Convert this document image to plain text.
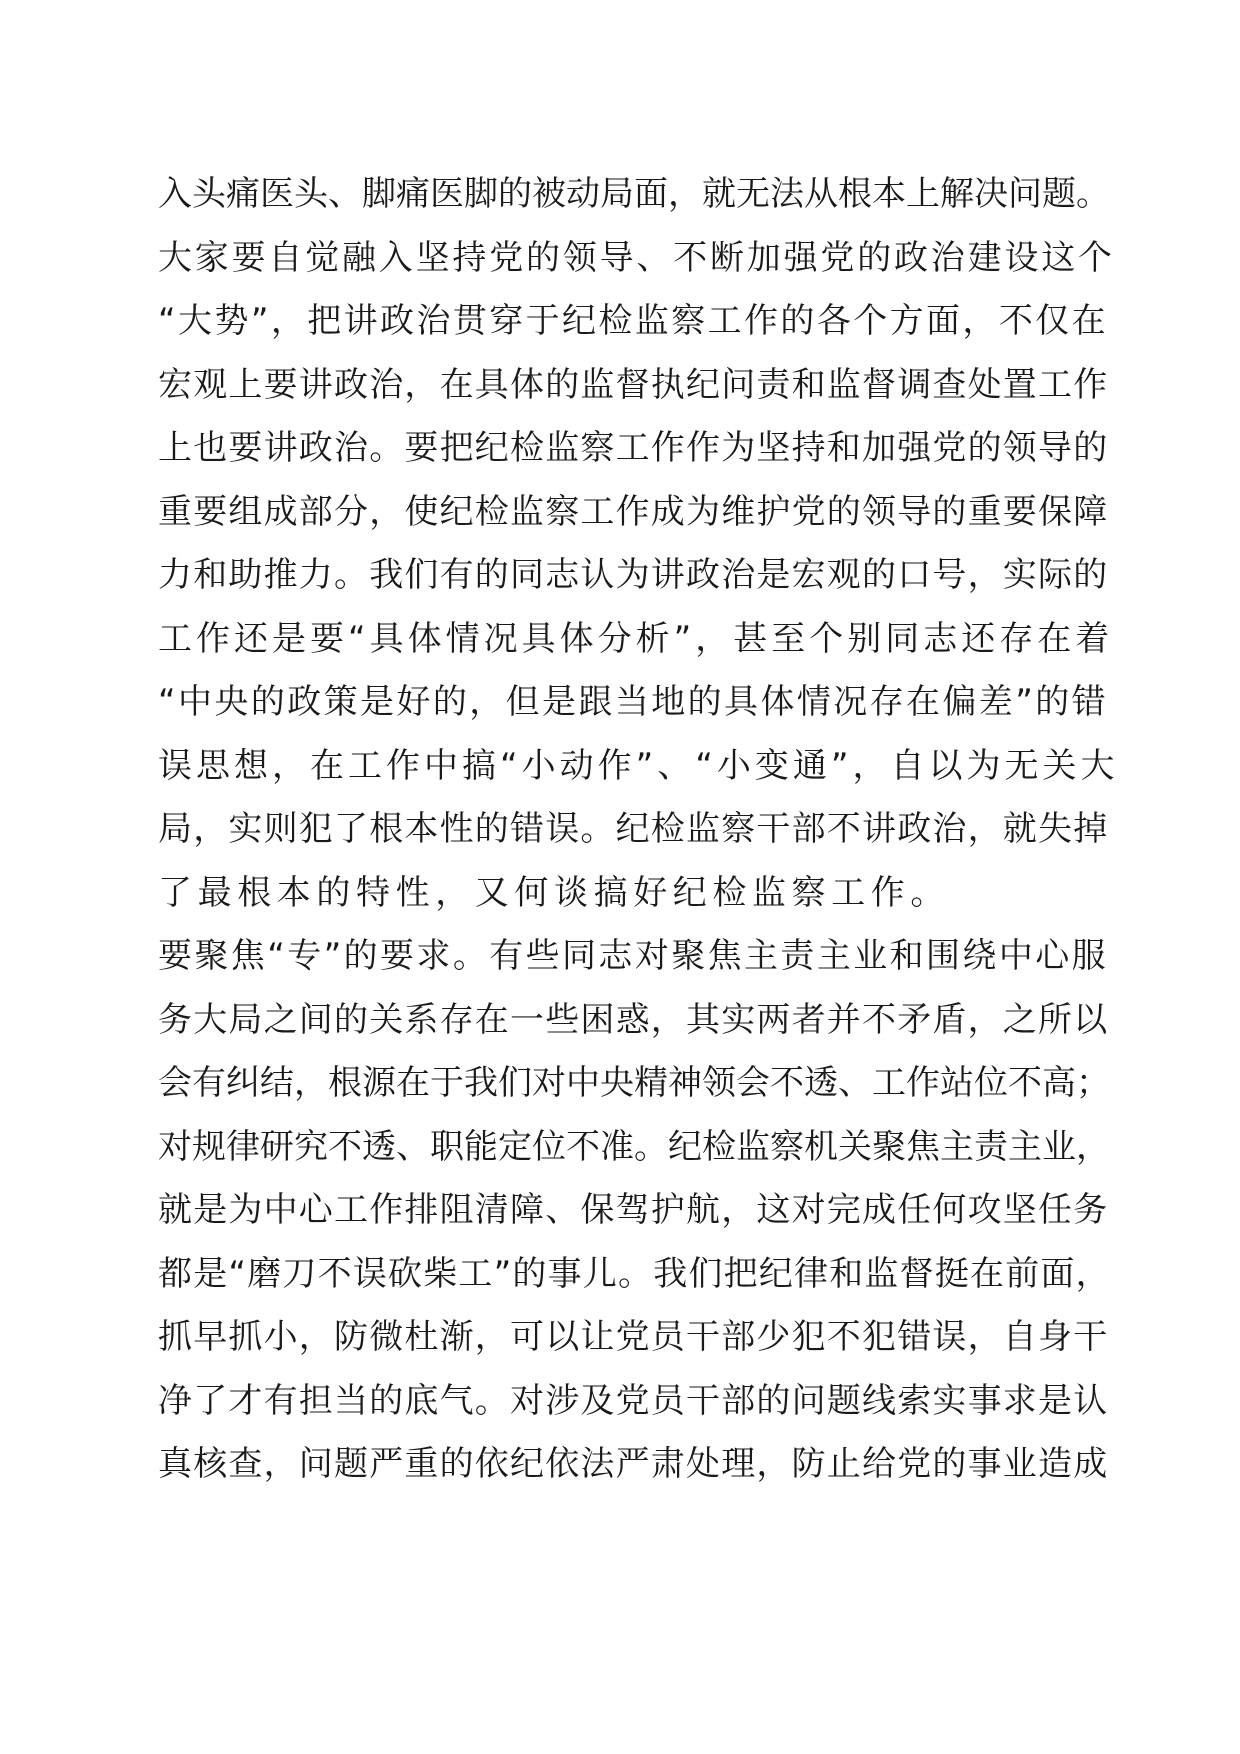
入头痛医头、脚痛医脚的被动局面，就无法从根本上解决问题。
大家要自觉融入坚持党的领导、不断加强党的政治建设这个
“大势”，把讲政治贯穿于纪检监察工作的各个方面，不仅在
宏观上要讲政治，在具体的监督执纪问责和监督调查处置工作
上也要讲政治。要把纪检监察工作作为坚持和加强党的领导的
重要组成部分，使纪检监察工作成为维护党的领导的重要保障
力和助推力。我们有的同志认为讲政治是宏观的口号，实际的
工作还是要“具体情况具体分析”，甚至个别同志还存在着
“中央的政策是好的，但是跟当地的具体情况存在偏差”的错
误思想，在工作中搞“小动作”、“小变通”，自以为无关大
局，实则犯了根本性的错误。纪检监察干部不讲政治，就失掉
了最根本的特性，又何谈搞好纪检监察工作。
要聚焦“专”的要求。有些同志对聚焦主责主业和围绕中心服
务大局之间的关系存在一些困惑，其实两者并不矛盾，之所以
会有纠结，根源在于我们对中央精神领会不透、工作站位不高；
对规律研究不透、职能定位不准。纪检监察机关聚焦主责主业，
就是为中心工作排阻清障、保驾护航，这对完成任何攻坚任务
都是“磨刀不误砍柴工”的事儿。我们把纪律和监督挺在前面，
抓早抓小，防微杜渐，可以让党员干部少犯不犯错误，自身干
净了才有担当的底气。对涉及党员干部的问题线索实事求是认
真核查，问题严重的依纪依法严肃处理，防止给党的事业造成
